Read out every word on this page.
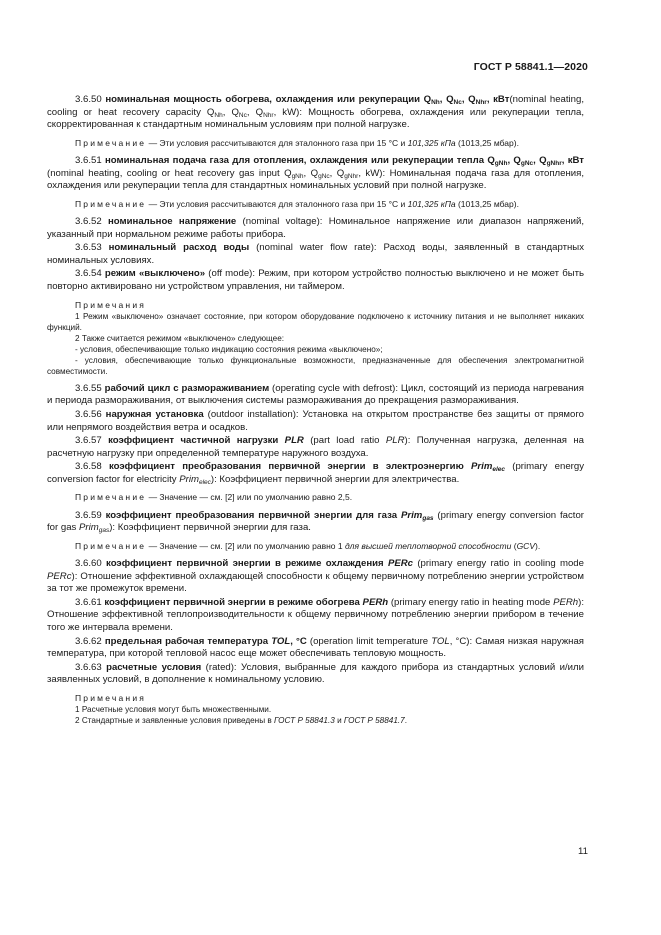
ГОСТ Р 58841.1—2020

3.6.50 номинальная мощность обогрева, охлаждения или рекуперации $Q_{Nh}$, $Q_{Nc}$, $Q_{Nhr}$, кВт(nominal heating, cooling or heat recovery capacity $Q_{Nh}$, $Q_{Nc}$, $Q_{Nhr}$, kW): Мощность обогрева, охлаждения или рекуперации тепла, скорректированная к стандартным номинальным условиям при полной нагрузке.

Примечание — Эти условия рассчитываются для эталонного газа при 15 °С и 101,325 кПа (1013,25 мбар).

3.6.51 номинальная подача газа для отопления, охлаждения или рекуперации тепла $Q_{gNh}$, $Q_{gNc}$, $Q_{gNhr}$, кВт (nominal heating, cooling or heat recovery gas input $Q_{gNh}$, $Q_{gNc}$, $Q_{gNhr}$, kW): Номинальная подача газа для отопления, охлаждения или рекуперации тепла для стандартных номинальных условий при полной нагрузке.

Примечание — Эти условия рассчитываются для эталонного газа при 15 °С и 101,325 кПа (1013,25 мбар).

3.6.52 номинальное напряжение (nominal voltage): Номинальное напряжение или диапазон напряжений, указанный при нормальном режиме работы прибора.

3.6.53 номинальный расход воды (nominal water flow rate): Расход воды, заявленный в стандартных номинальных условиях.

3.6.54 режим «выключено» (off mode): Режим, при котором устройство полностью выключено и не может быть повторно активировано ни устройством управления, ни таймером.

Примечания

1 Режим «выключено» означает состояние, при котором оборудование подключено к источнику питания и не выполняет никаких функций.

2 Также считается режимом «выключено» следующее:

- условия, обеспечивающие только индикацию состояния режима «выключено»;

- условия, обеспечивающие только функциональные возможности, предназначенные для обеспечения электромагнитной совместимости.

3.6.55 рабочий цикл с размораживанием (operating cycle with defrost): Цикл, состоящий из периода нагревания и периода размораживания, от выключения системы размораживания до прекращения размораживания.

3.6.56 наружная установка (outdoor installation): Установка на открытом пространстве без защиты от прямого или непрямого воздействия ветра и осадков.

3.6.57 коэффициент частичной нагрузки PLR (part load ratio PLR): Полученная нагрузка, деленная на расчетную нагрузку при определенной температуре наружного воздуха.

3.6.58 коэффициент преобразования первичной энергии в электроэнергию Prim$_{elec}$ (primary energy conversion factor for electricity Prim$_{elec}$): Коэффициент первичной энергии для электричества.

Примечание — Значение — см. [2] или по умолчанию равно 2,5.

3.6.59 коэффициент преобразования первичной энергии для газа Prim$_{gas}$ (primary energy conversion factor for gas Prim$_{gas}$): Коэффициент первичной энергии для газа.

Примечание — Значение — см. [2] или по умолчанию равно 1 для высшей теплотворной способности (GCV).

3.6.60 коэффициент первичной энергии в режиме охлаждения PERc (primary energy ratio in cooling mode PERc): Отношение эффективной охлаждающей способности к общему первичному потреблению энергии устройством за тот же промежуток времени.

3.6.61 коэффициент первичной энергии в режиме обогрева PERh (primary energy ratio in heating mode PERh): Отношение эффективной теплопроизводительности к общему первичному потреблению энергии прибором в течение того же интервала времени.

3.6.62 предельная рабочая температура TOL, °С (operation limit temperature TOL, °C): Самая низкая наружная температура, при которой тепловой насос еще может обеспечивать тепловую мощность.

3.6.63 расчетные условия (rated): Условия, выбранные для каждого прибора из стандартных условий и/или заявленных условий, в дополнение к номинальному условию.

Примечания

1 Расчетные условия могут быть множественными.

2 Стандартные и заявленные условия приведены в ГОСТ Р 58841.3 и ГОСТ Р 58841.7.

11
